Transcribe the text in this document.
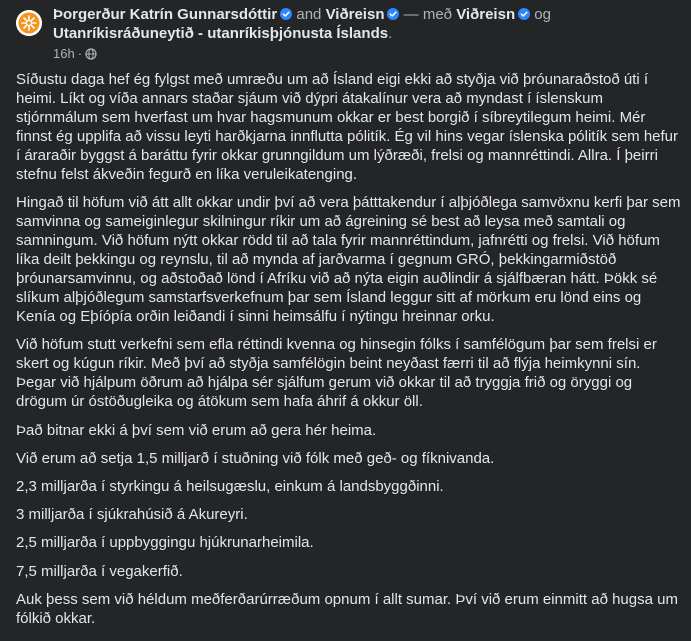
Þorgerður Katrín Gunnarsdóttir and Viðreisn — með Viðreisn og Utanríkisráðuneytið - utanríkisþjónusta Íslands.
16h ·

Síðustu daga hef ég fylgst með umræðu um að Ísland eigi ekki að styðja við þróunaraðstoð úti í heimi. Líkt og víða annars staðar sjáum við dýpri átakalínur vera að myndast í íslenskum stjórnmálum sem hverfast um hvar hagsmunum okkar er best borgið í síbreytilegum heimi. Mér finnst ég upplifa að vissu leyti harðkjarna innflutta pólitík. Ég vil hins vegar íslenska pólitík sem hefur í áraraðir byggst á baráttu fyrir okkar grunngildum um lýðræði, frelsi og mannréttindi. Allra. Í þeirri stefnu felst ákveðin fegurð en líka veruleikatenging.

Hingað til höfum við átt allt okkar undir því að vera þátttakendur í alþjóðlega samvöxnu kerfi þar sem samvinna og sameiginlegur skilningur ríkir um að ágreining sé best að leysa með samtali og samningum. Við höfum nýtt okkar rödd til að tala fyrir mannréttindum, jafnrétti og frelsi. Við höfum líka deilt þekkingu og reynslu, til að mynda af jarðvarma í gegnum GRÓ, þekkingarmiðstöð þróunarsamvinnu, og aðstoðað lönd í Afríku við að nýta eigin auðlindir á sjálfbæran hátt. Þökk sé slíkum alþjóðlegum samstarfsverkefnum þar sem Ísland leggur sitt af mörkum eru lönd eins og Kenía og Eþíópía orðin leiðandi í sinni heimsálfu í nýtingu hreinnar orku.

Við höfum stutt verkefni sem efla réttindi kvenna og hinsegin fólks í samfélögum þar sem frelsi er skert og kúgun ríkir. Með því að styðja samfélögin beint neyðast færri til að flýja heimkynni sín. Þegar við hjálpum öðrum að hjálpa sér sjálfum gerum við okkar til að tryggja frið og öryggi og drögum úr óstöðugleika og átökum sem hafa áhrif á okkur öll.

Það bitnar ekki á því sem við erum að gera hér heima.

Við erum að setja 1,5 milljarð í stuðning við fólk með geð- og fíknivanda.

2,3 milljarða í styrkingu á heilsugæslu, einkum á landsbyggðinni.

3 milljarða í sjúkrahúsið á Akureyri.

2,5 milljarða í uppbyggingu hjúkrunarheimila.

7,5 milljarða í vegakerfið.

Auk þess sem við héldum meðferðarúrræðum opnum í allt sumar. Því við erum einmitt að hugsa um fólkið okkar.
